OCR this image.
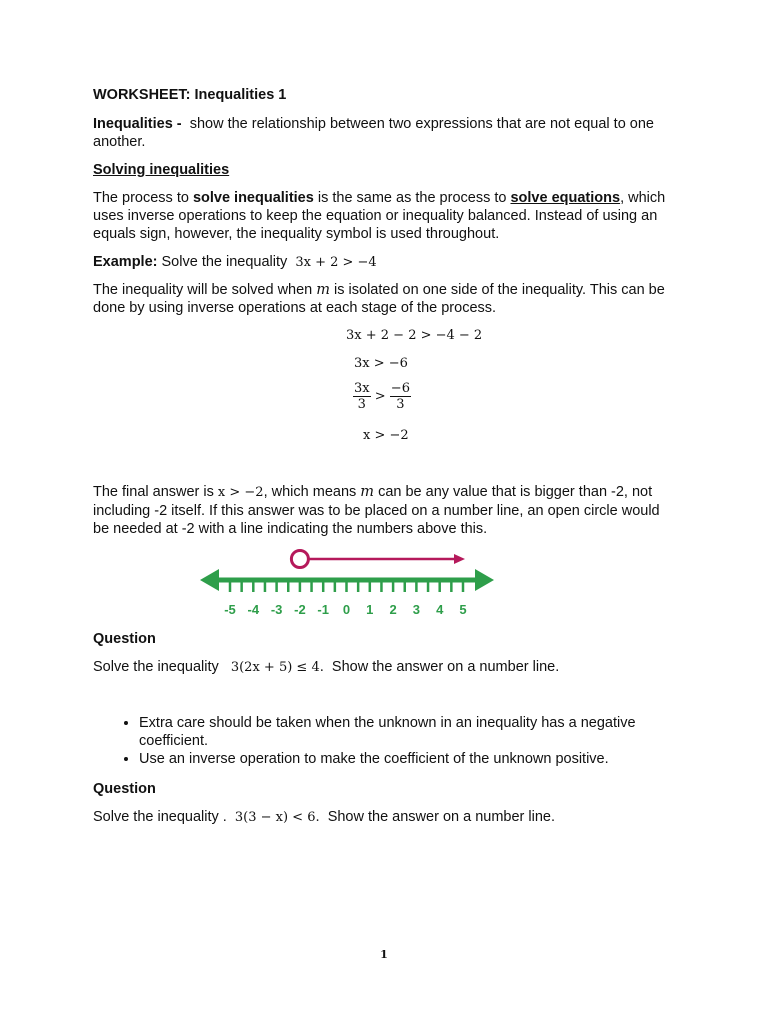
WORKSHEET: Inequalities 1

Inequalities - show the relationship between two expressions that are not equal to one another.

Solving inequalities

The process to solve inequalities is the same as the process to solve equations, which uses inverse operations to keep the equation or inequality balanced. Instead of using an equals sign, however, the inequality symbol is used throughout.

Example: Solve the inequality 3x + 2 > −4

The inequality will be solved when m is isolated on one side of the inequality. This can be done by using inverse operations at each stage of the process.

3x + 2 − 2 > −4 − 2
3x > −6
$\frac{3x}{3} > \frac{-6}{3}$
x > −2

The final answer is x > −2, which means m can be any value that is bigger than -2, not including -2 itself. If this answer was to be placed on a number line, an open circle would be needed at -2 with a line indicating the numbers above this.

-5 -4 -3 -2 -1 0 1 2 3 4 5

Question

Solve the inequality 3(2x + 5) ≤ 4. Show the answer on a number line.

• Extra care should be taken when the unknown in an inequality has a negative coefficient.
• Use an inverse operation to make the coefficient of the unknown positive.

Question

Solve the inequality . 3(3 − x) < 6. Show the answer on a number line.

1
